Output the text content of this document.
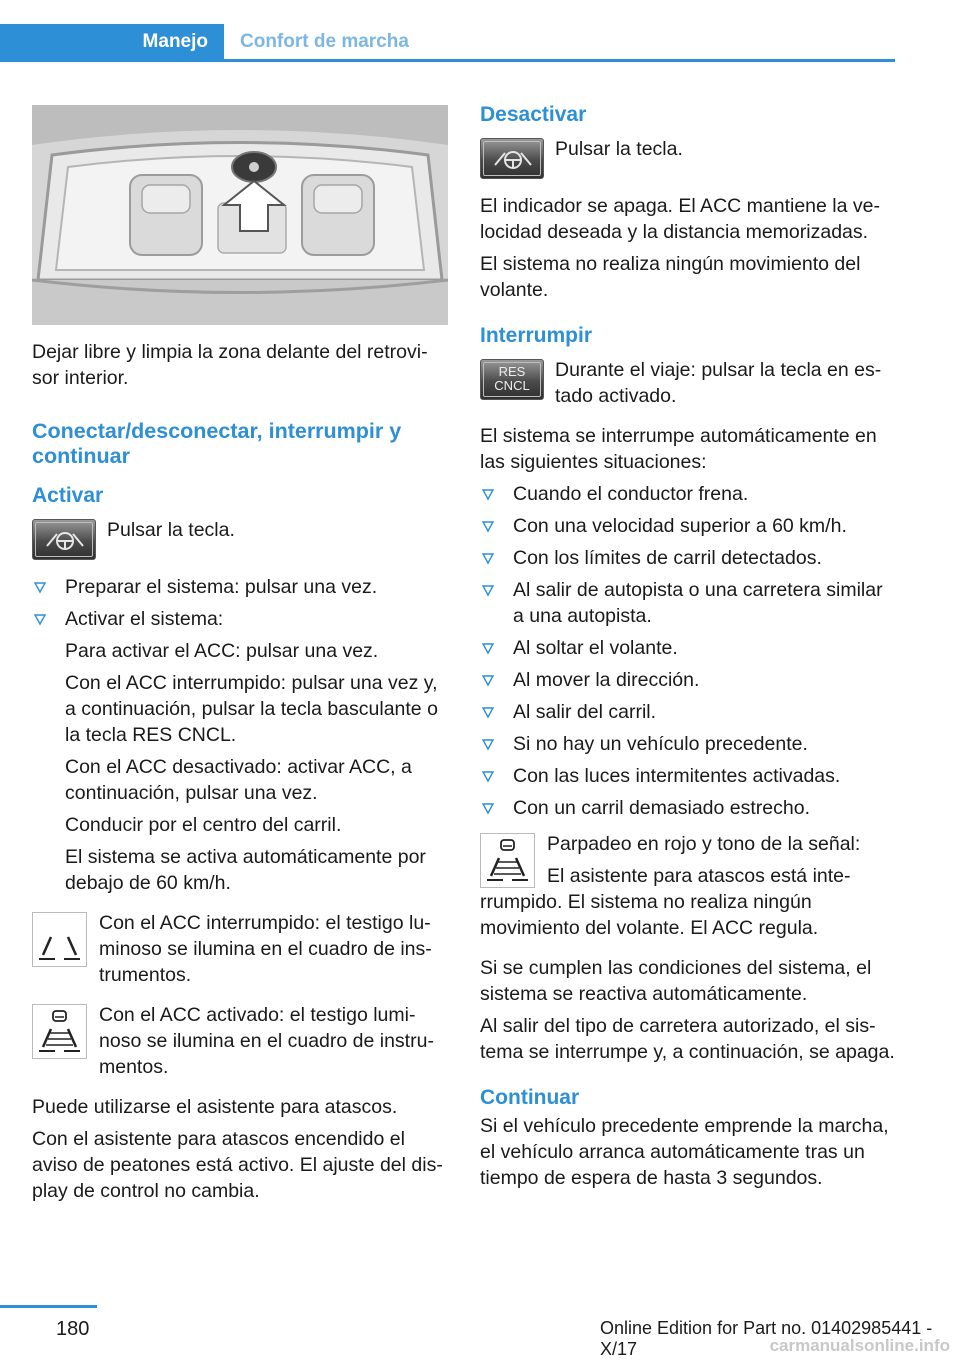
Manejo	Confort de marcha

Dejar libre y limpia la zona delante del retrovisor interior.

Conectar/desconectar, interrumpir y continuar
Activar
Pulsar la tecla.
Preparar el sistema: pulsar una vez.
Activar el sistema:

Para activar el ACC: pulsar una vez.

Con el ACC interrumpido: pulsar una vez y, a continuación, pulsar la tecla basculante o la tecla RES CNCL.

Con el ACC desactivado: activar ACC, a continuación, pulsar una vez.

Conducir por el centro del carril.

El sistema se activa automáticamente por debajo de 60 km/h.

Con el ACC interrumpido: el testigo luminoso se ilumina en el cuadro de instrumentos.
Con el ACC activado: el testigo luminoso se ilumina en el cuadro de instrumentos.

Puede utilizarse el asistente para atascos.

Con el asistente para atascos encendido el aviso de peatones está activo. El ajuste del display de control no cambia.

Desactivar
Pulsar la tecla.

El indicador se apaga. El ACC mantiene la velocidad deseada y la distancia memorizadas.

El sistema no realiza ningún movimiento del volante.

Interrumpir
RES
CNCL
Durante el viaje: pulsar la tecla en estado activado.

El sistema se interrumpe automáticamente en las siguientes situaciones:

Cuando el conductor frena.
Con una velocidad superior a 60 km/h.
Con los límites de carril detectados.
Al salir de autopista o una carretera similar a una autopista.
Al soltar el volante.
Al mover la dirección.
Al salir del carril.
Si no hay un vehículo precedente.
Con las luces intermitentes activadas.
Con un carril demasiado estrecho.
Parpadeo en rojo y tono de la señal:
El asistente para atascos está interrumpido. El sistema no realiza ningún movimiento del volante. El ACC regula.

Si se cumplen las condiciones del sistema, el sistema se reactiva automáticamente.

Al salir del tipo de carretera autorizado, el sistema se interrumpe y, a continuación, se apaga.

Continuar

Si el vehículo precedente emprende la marcha, el vehículo arranca automáticamente tras un tiempo de espera de hasta 3 segundos.

180	Online Edition for Part no. 01402985441 - X/17	carmanualsonline.info
